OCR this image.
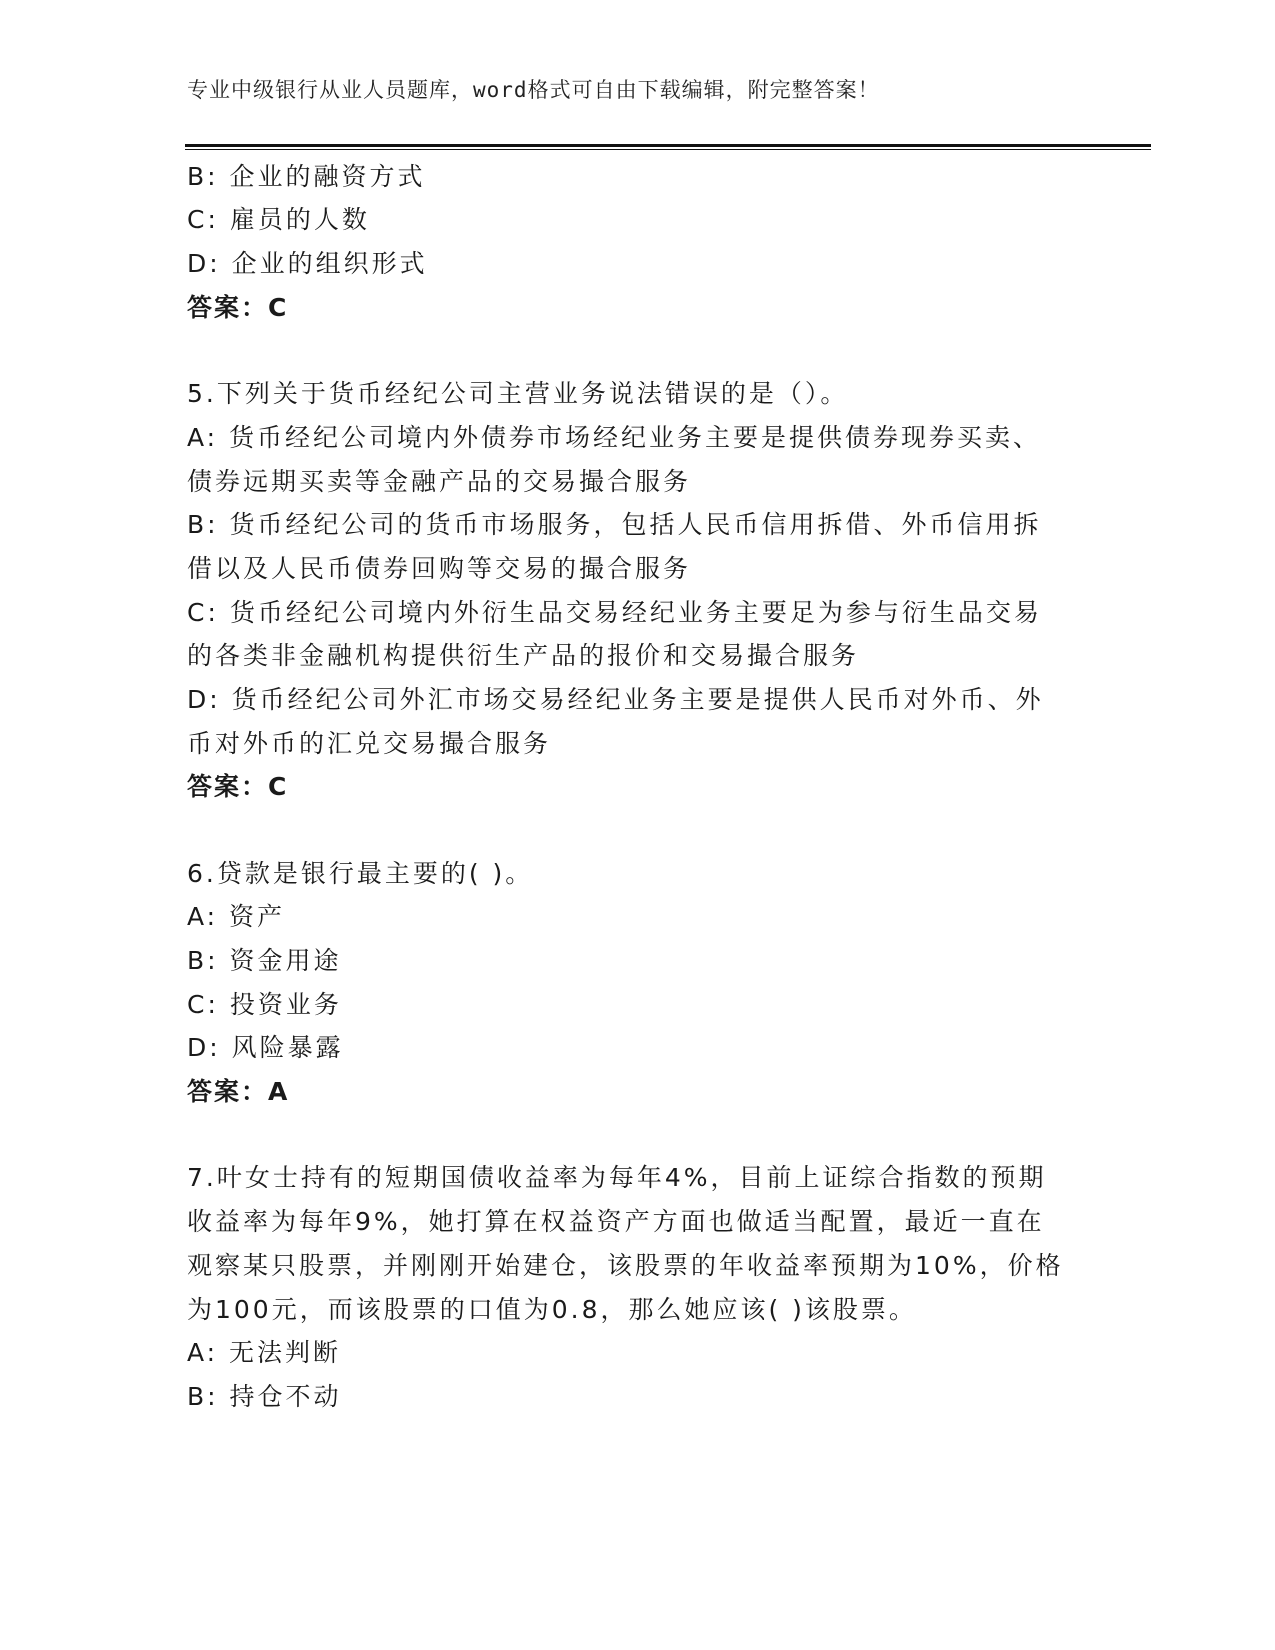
专业中级银行从业人员题库，word格式可自由下载编辑，附完整答案！
B: 企业的融资方式
C: 雇员的人数
D: 企业的组织形式
答案：C
5.下列关于货币经纪公司主营业务说法错误的是（）。
A: 货币经纪公司境内外债券市场经纪业务主要是提供债券现券买卖、
债券远期买卖等金融产品的交易撮合服务
B: 货币经纪公司的货币市场服务，包括人民币信用拆借、外币信用拆
借以及人民币债券回购等交易的撮合服务
C: 货币经纪公司境内外衍生品交易经纪业务主要足为参与衍生品交易
的各类非金融机构提供衍生产品的报价和交易撮合服务
D: 货币经纪公司外汇市场交易经纪业务主要是提供人民币对外币、外
币对外币的汇兑交易撮合服务
答案：C
6.贷款是银行最主要的( )。
A: 资产
B: 资金用途
C: 投资业务
D: 风险暴露
答案：A
7.叶女士持有的短期国债收益率为每年4%，目前上证综合指数的预期
收益率为每年9%，她打算在权益资产方面也做适当配置，最近一直在
观察某只股票，并刚刚开始建仓，该股票的年收益率预期为10%，价格
为100元，而该股票的口值为0.8，那么她应该( )该股票。
A: 无法判断
B: 持仓不动
